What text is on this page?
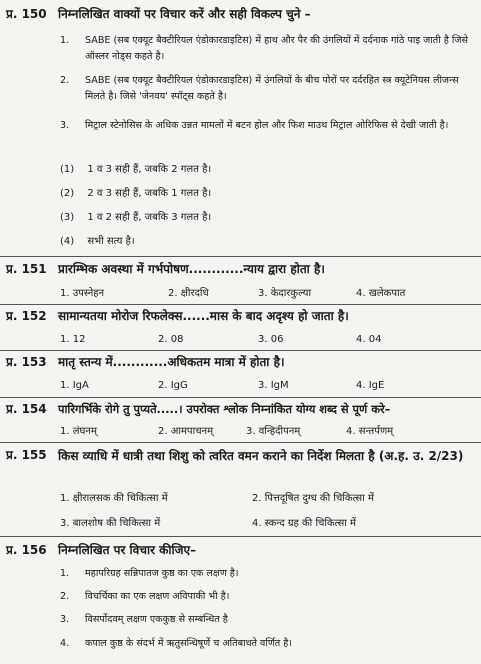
प्र. 150 निम्नलिखित वाक्यों पर विचार करें और सही विकल्प चुने –
1. SABE (सब एक्यूट बैक्टीरियल एंडोकारडाइटिस) में हाथ और पैर की उंगलियों में दर्दनाक गांठे पाइ जाती है जिसे ऑस्लर नोड्स कहते है।
2. SABE (सब एक्यूट बैक्टीरियल एंडोकारडाइटिस) में उंगलियों के बीच पोरों पर दर्दरहित स्त्र क्यूटेनियस लीजन्स मिलते है। जिसे 'जेनवय' स्पॉट्स कहते है।
3. मिट्राल स्टेनोसिस के अधिक उन्नत मामलों में बटन होल और फिश माउथ मिट्राल ओरिफिस से देखी जाती है।
(1) 1 व 3 सही हैं, जबकि 2 गलत है।
(2) 2 व 3 सही हैं, जबकि 1 गलत है।
(3) 1 व 2 सही हैं, जबकि 3 गलत है।
(4) सभी सत्य है।
प्र. 151 प्रारम्भिक अवस्था में गर्भपोषण............न्याय द्वारा होता है।
1. उपस्नेहन	2. क्षीरदधि	3. केदारकुल्या	4. खलेकपात
प्र. 152 सामान्यतया मोरोज रिफलेक्स......मास के बाद अदृश्य हो जाता है।
1. 12	2. 08	3. 06	4. 04
प्र. 153 मातृ स्तन्य में............अधिकतम मात्रा में होता है।
1. IgA	2. IgG	3. IgM	4. IgE
प्र. 154 पारिगर्भिके रोगे तु पुप्यते.....। उपरोक्त श्लोक निम्नांकित योग्य शब्द से पूर्ण करे–
1. लंघनम्	2. आमपाचनम्	3. वन्हिदीपनम्	4. सन्तर्पणम्
प्र. 155 किस व्याधि में धात्री तथा शिशु को त्वरित वमन कराने का निर्देश मिलता है (अ.ह. उ. 2/23)
1. क्षीरालसक की चिकित्सा में	2. पित्तदूषित दुग्ध की चिकित्सा में
3. बालशोष की चिकित्सा में	4. स्कन्द ग्रह की चिकित्सा में
प्र. 156 निम्नलिखित पर विचार कीजिए–
1. महापरिग्रह सन्निपातज कुष्ठ का एक लक्षण है।
2. विचर्चिका का एक लक्षण अविपाकी भी है।
3. विसर्पोदवम् लक्षण एककुष्ठ से सम्बन्धित है
4. कपाल कुष्ठ के संदर्भ में ऋतुसन्धिषूर्णे च अतिबाधते वर्णित है।
